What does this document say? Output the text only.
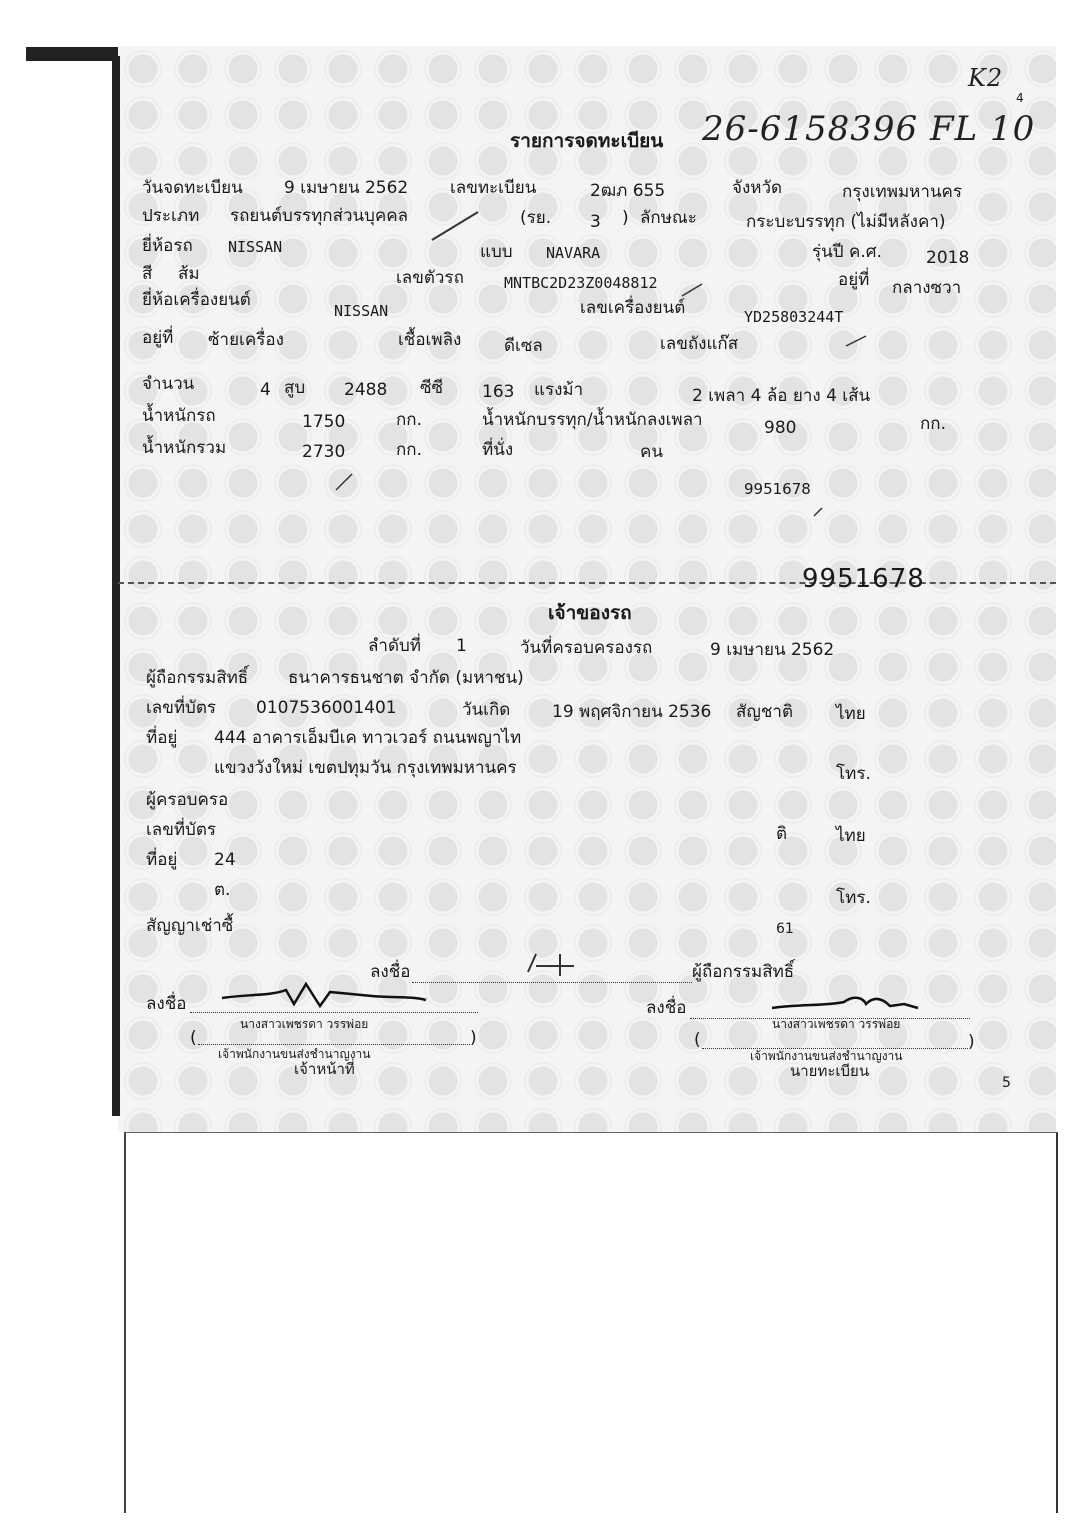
26-6158396 FL 10
K2
4
รายการจดทะเบียน
วันจดทะเบียน 9 เมษายน 2562 เลขทะเบียน	2ฒภ 655	จังหวัด	กรุงเทพมหานคร
ประเภท รถยนต์บรรทุกส่วนบุคคล	(รย. 3 ) ลักษณะ	กระบะบรรทุก (ไม่มีหลังคา)
ยี่ห้อรถ NISSAN	แบบ NAVARA	รุ่นปี ค.ศ.	2018
สี ส้ม	เลขตัวรถ	MNTBC2D23Z0048812	อยู่ที่ กลางซวา
ยี่ห้อเครื่องยนต์
NISSAN	เลขเครื่องยนต์	YD25803244T
อยู่ที่ ซ้ายเครื่อง	เชื้อเพลิง	ดีเซล	เลขถังแก๊ส
จำนวน	4 สูบ 2488 ซีซี 163 แรงม้า	2 เพลา 4 ล้อ ยาง 4 เส้น
น้ำหนักรถ	1750	กก.	น้ำหนักบรรทุก/น้ำหนักลงเพลา	980	กก.
น้ำหนักรวม	2730	กก.	ที่นั่ง	คน
9951678
9951678
เจ้าของรถ
ลำดับที่ 1	วันที่ครอบครองรถ	9 เมษายน 2562
ผู้ถือกรรมสิทธิ์ ธนาคารธนชาต จำกัด (มหาชน)
เลขที่บัตร 0107536001401	วันเกิด 19 พฤศจิกายน 2536 สัญชาติ	ไทย
ที่อยู่ 444 อาคารเอ็มบีเค ทาวเวอร์ ถนนพญาไท
แขวงวังใหม่ เขตปทุมวัน กรุงเทพมหานคร	โทร.
ผู้ครอบครอ
เลขที่บัตร	ติ	ไทย
ที่อยู่ 24
ต.	โทร.
สัญญาเช่าซื้	61
ลงชื่อ	ผู้ถือกรรมสิทธิ์
ลงชื่อ
นางสาวเพชรดา วรรพ่อย
(	)
เจ้าพนักงานขนส่งชำนาญงาน
เจ้าหน้าที่
ลงชื่อ
นางสาวเพชรดา วรรพ่อย
(	)
เจ้าพนักงานขนส่งชำนาญงาน
นายทะเบียน
5
